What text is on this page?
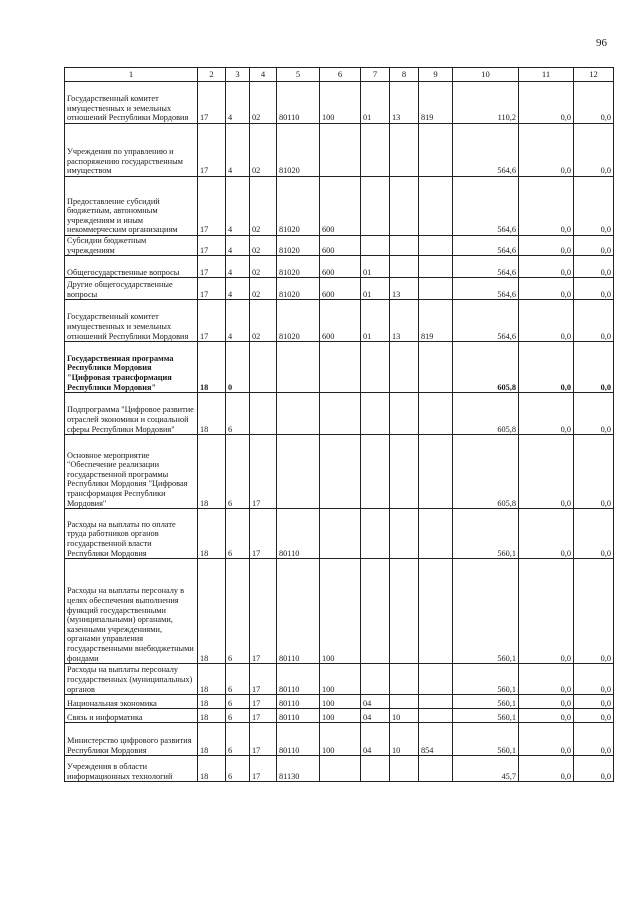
96
1	2	3	4	5	6	7	8	9	10	11	12
Государственный комитет имущественных и земельных отношений Республики Мордовия	17	4	02	80110	100	01	13	819	110,2	0,0	0,0
Учреждения по управлению и распоряжению государственным имуществом	17	4	02	81020					564,6	0,0	0,0
Предоставление субсидий бюджетным, автономным учреждениям и иным некоммерческим организациям	17	4	02	81020	600				564,6	0,0	0,0
Субсидии бюджетным учреждениям	17	4	02	81020	600				564,6	0,0	0,0
Общегосударственные вопросы	17	4	02	81020	600	01			564,6	0,0	0,0
Другие общегосударственные вопросы	17	4	02	81020	600	01	13		564,6	0,0	0,0
Государственный комитет имущественных и земельных отношений Республики Мордовия	17	4	02	81020	600	01	13	819	564,6	0,0	0,0
Государственная программа Республики Мордовия "Цифровая трансформация Республики Мордовия"	18	0							605,8	0,0	0,0
Подпрограмма "Цифровое развитие отраслей экономики и социальной сферы Республики Мордовия"	18	6							605,8	0,0	0,0
Основное мероприятие "Обеспечение реализации государственной программы Республики Мордовия "Цифровая трансформация Республики Мордовия"	18	6	17						605,8	0,0	0,0
Расходы на выплаты по оплате труда работников органов государственной власти Республики Мордовия	18	6	17	80110					560,1	0,0	0,0
Расходы на выплаты персоналу в целях обеспечения выполнения функций государственными (муниципальными) органами, казенными учреждениями, органами управления государственными внебюджетными фондами	18	6	17	80110	100				560,1	0,0	0,0
Расходы на выплаты персоналу государственных (муниципальных) органов	18	6	17	80110	100				560,1	0,0	0,0
Национальная экономика	18	6	17	80110	100	04			560,1	0,0	0,0
Связь и информатика	18	6	17	80110	100	04	10		560,1	0,0	0,0
Министерство цифрового развития Республики Мордовия	18	6	17	80110	100	04	10	854	560,1	0,0	0,0
Учреждения в области информационных технологий	18	6	17	81130					45,7	0,0	0,0
